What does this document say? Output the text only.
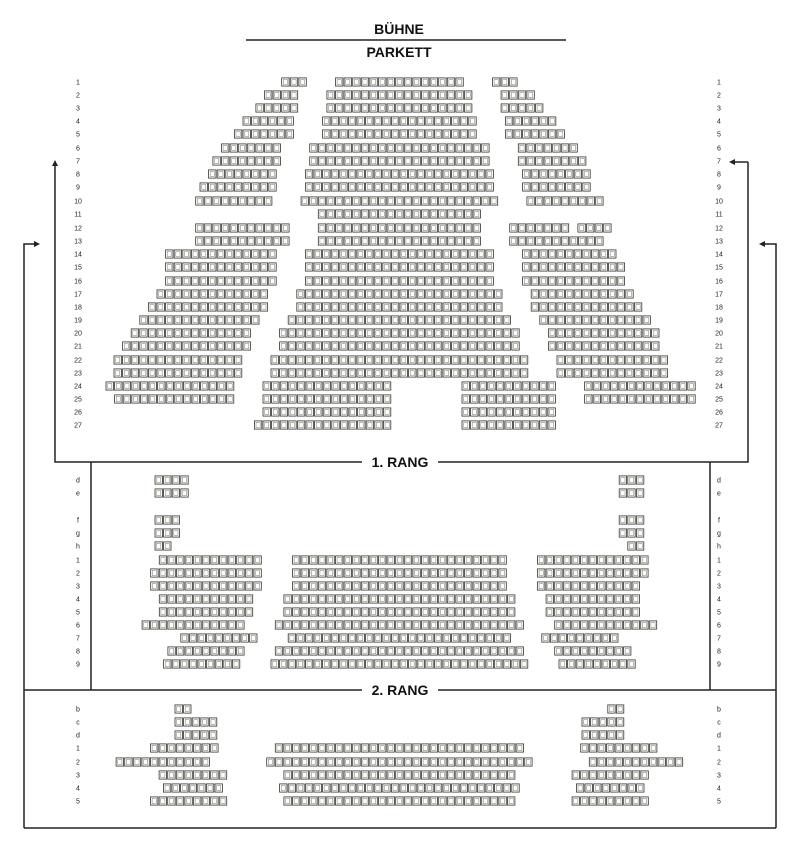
BÜHNE
PARKETT
1. RANG
2. RANG
1	1
2	2
3	3
4	4
5	5
6	6
7	7
8	8
9	9
10	10
11	11
12	12
13	13
14	14
15	15
16	16
17	17
18	18
19	19
20	20
21	21
22	22
23	23
24	24
25	25
26	26
27	27
d	d
e	e
f	f
g	g
h	h
1	1
2	2
3	3
4	4
5	5
6	6
7	7
8	8
9	9
b	b
c	c
d	d
1	1
2	2
3	3
4	4
5	5
